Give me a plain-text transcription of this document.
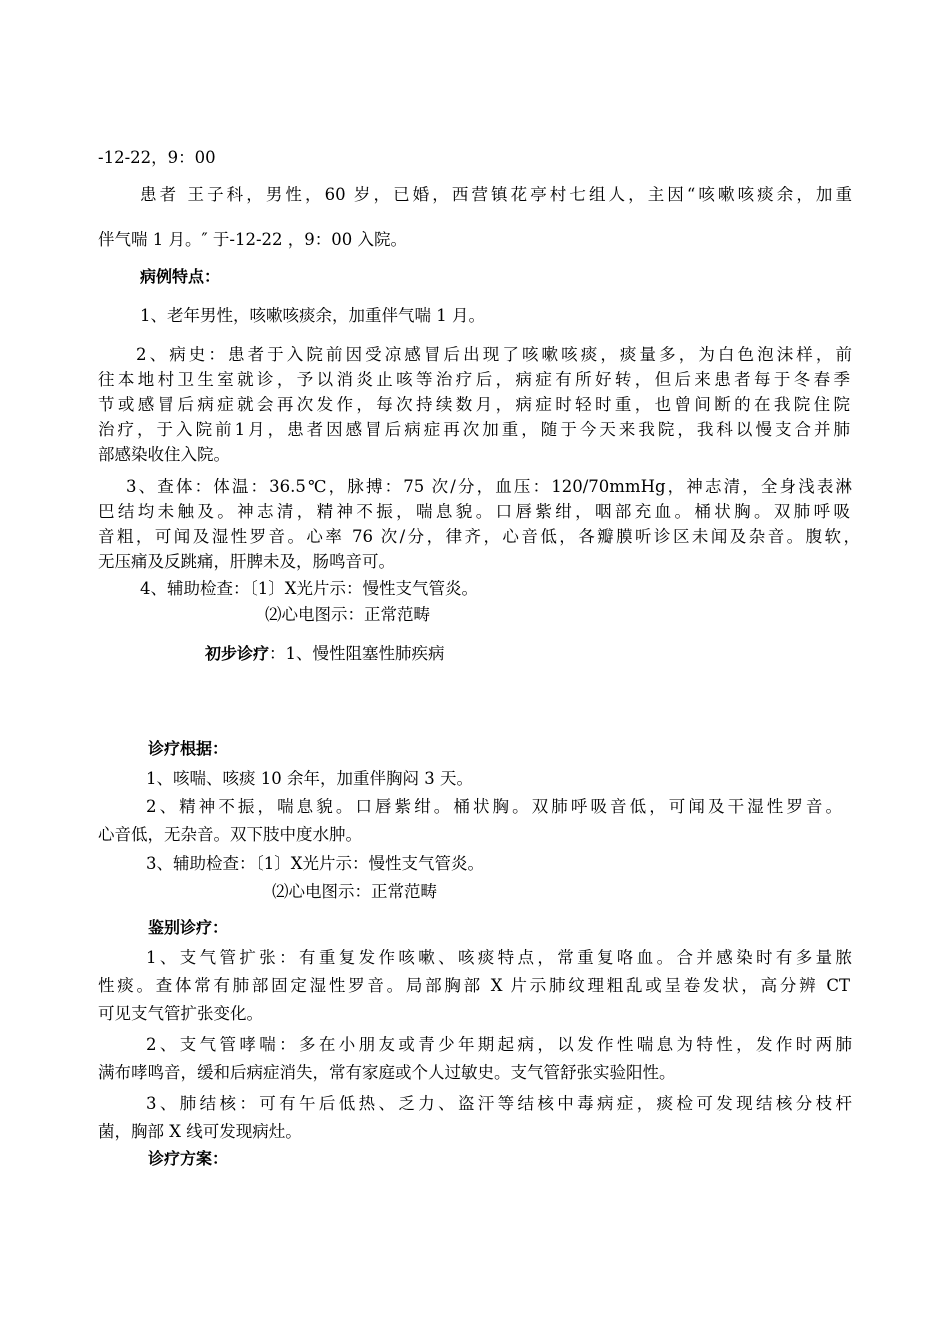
-12-22，9：00
患者 王子科，男性，60 岁，已婚，西营镇花亭村七组人，主因“咳嗽咳痰余，加重
伴气喘 1 月。″ 于-12-22 ，9：00 入院。
病例特点：
1、老年男性，咳嗽咳痰余，加重伴气喘 1 月。
2、病史：患者于入院前因受凉感冒后出现了咳嗽咳痰，痰量多，为白色泡沫样，前
往本地村卫生室就诊，予以消炎止咳等治疗后，病症有所好转，但后来患者每于冬春季
节或感冒后病症就会再次发作，每次持续数月，病症时轻时重，也曾间断的在我院住院
治疗，于入院前1月，患者因感冒后病症再次加重，随于今天来我院，我科以慢支合并肺
部感染收住入院。
3、查体：体温：36.5℃，脉搏：75 次/分，血压：120/70mmHg，神志清，全身浅表淋
巴结均未触及。神志清，精神不振，喘息貌。口唇紫绀，咽部充血。桶状胸。双肺呼吸
音粗，可闻及湿性罗音。心率 76 次/分，律齐，心音低，各瓣膜听诊区未闻及杂音。腹软，
无压痛及反跳痛，肝脾未及，肠鸣音可。
4、辅助检查：〔1〕X光片示：慢性支气管炎。
⑵心电图示：正常范畴
初步诊疗：1、慢性阻塞性肺疾病
诊疗根据：
1、咳喘、咳痰 10 余年，加重伴胸闷 3 天。
2、精神不振，喘息貌。口唇紫绀。桶状胸。双肺呼吸音低，可闻及干湿性罗音。
心音低，无杂音。双下肢中度水肿。
3、辅助检查：〔1〕X光片示：慢性支气管炎。
⑵心电图示：正常范畴
鉴别诊疗：
1、支气管扩张：有重复发作咳嗽、咳痰特点，常重复咯血。合并感染时有多量脓
性痰。查体常有肺部固定湿性罗音。局部胸部 X 片示肺纹理粗乱或呈卷发状，高分辨 CT
可见支气管扩张变化。
2、支气管哮喘：多在小朋友或青少年期起病，以发作性喘息为特性，发作时两肺
满布哮鸣音，缓和后病症消失，常有家庭或个人过敏史。支气管舒张实验阳性。
3、肺结核：可有午后低热、乏力、盗汗等结核中毒病症，痰检可发现结核分枝杆
菌，胸部 X 线可发现病灶。
诊疗方案：
